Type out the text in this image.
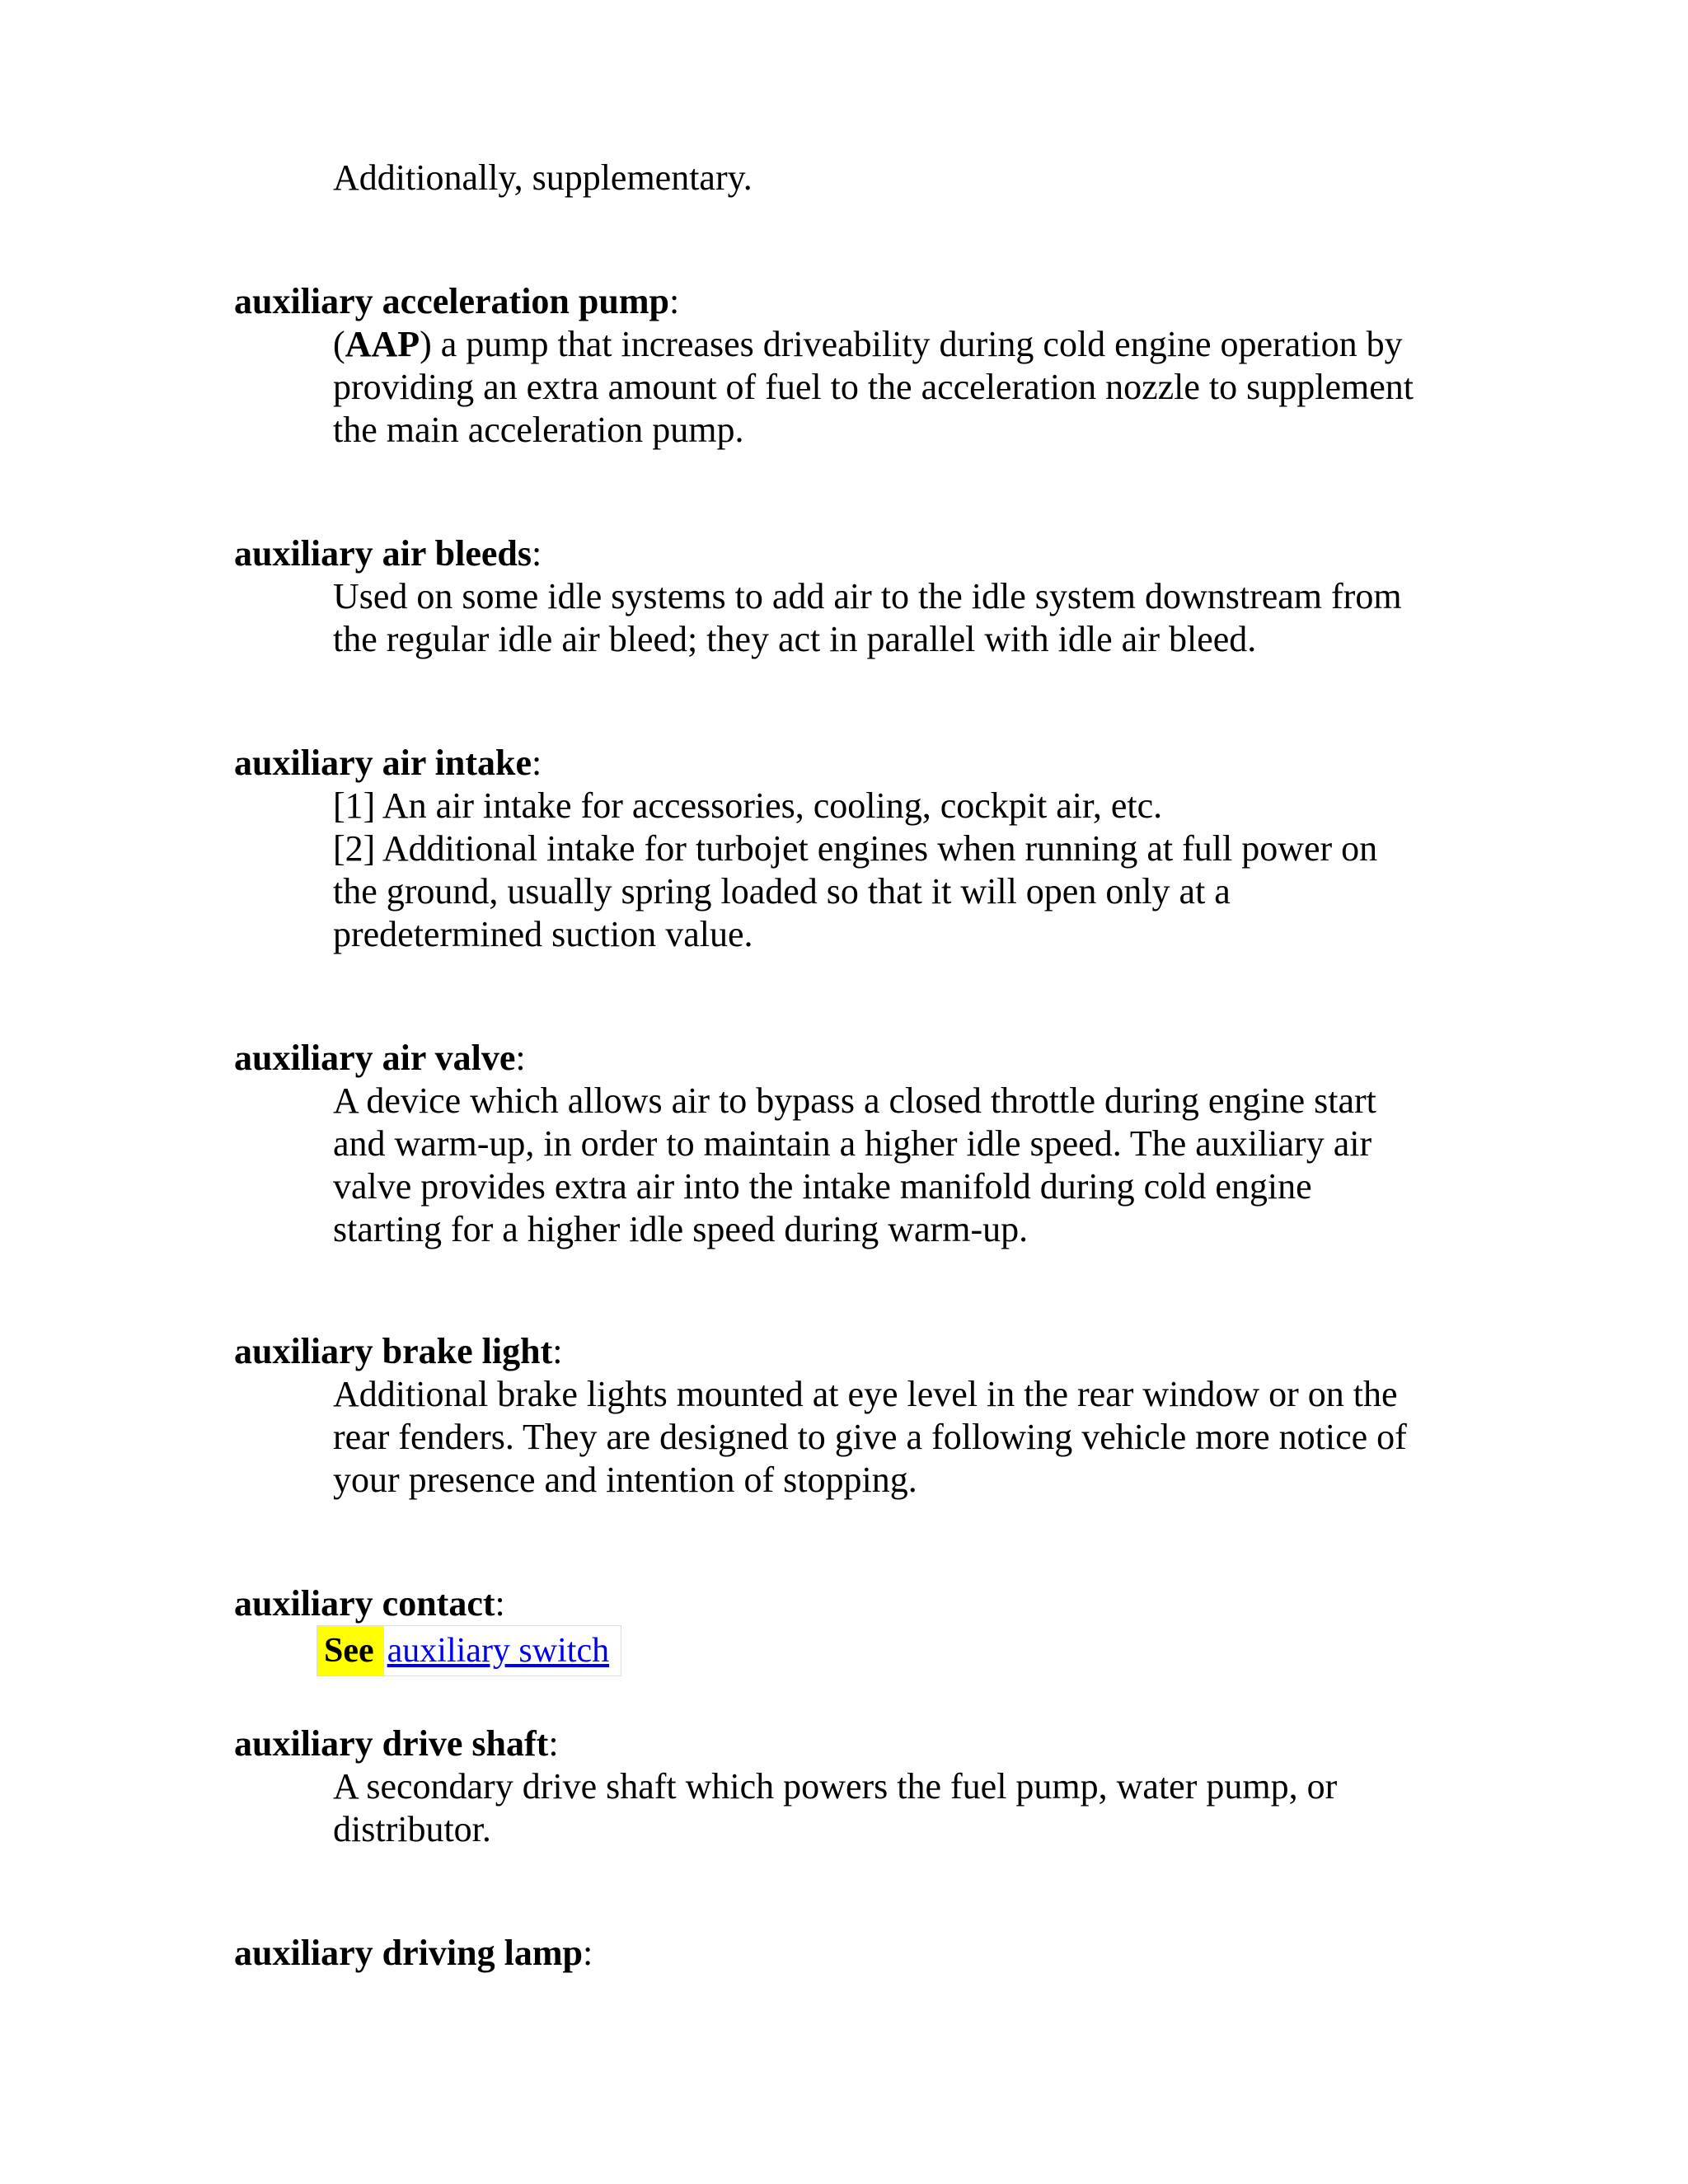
Additionally, supplementary.

auxiliary acceleration pump:

(AAP) a pump that increases driveability during cold engine operation by
providing an extra amount of fuel to the acceleration nozzle to supplement
the main acceleration pump.

auxiliary air bleeds:

Used on some idle systems to add air to the idle system downstream from
the regular idle air bleed; they act in parallel with idle air bleed.

auxiliary air intake:

[1] An air intake for accessories, cooling, cockpit air, etc.
[2] Additional intake for turbojet engines when running at full power on
the ground, usually spring loaded so that it will open only at a
predetermined suction value.

auxiliary air valve:

A device which allows air to bypass a closed throttle during engine start
and warm-up, in order to maintain a higher idle speed. The auxiliary air
valve provides extra air into the intake manifold during cold engine
starting for a higher idle speed during warm-up.

auxiliary brake light:

Additional brake lights mounted at eye level in the rear window or on the
rear fenders. They are designed to give a following vehicle more notice of
your presence and intention of stopping.

auxiliary contact:

See auxiliary switch

auxiliary drive shaft:

A secondary drive shaft which powers the fuel pump, water pump, or
distributor.

auxiliary driving lamp:
